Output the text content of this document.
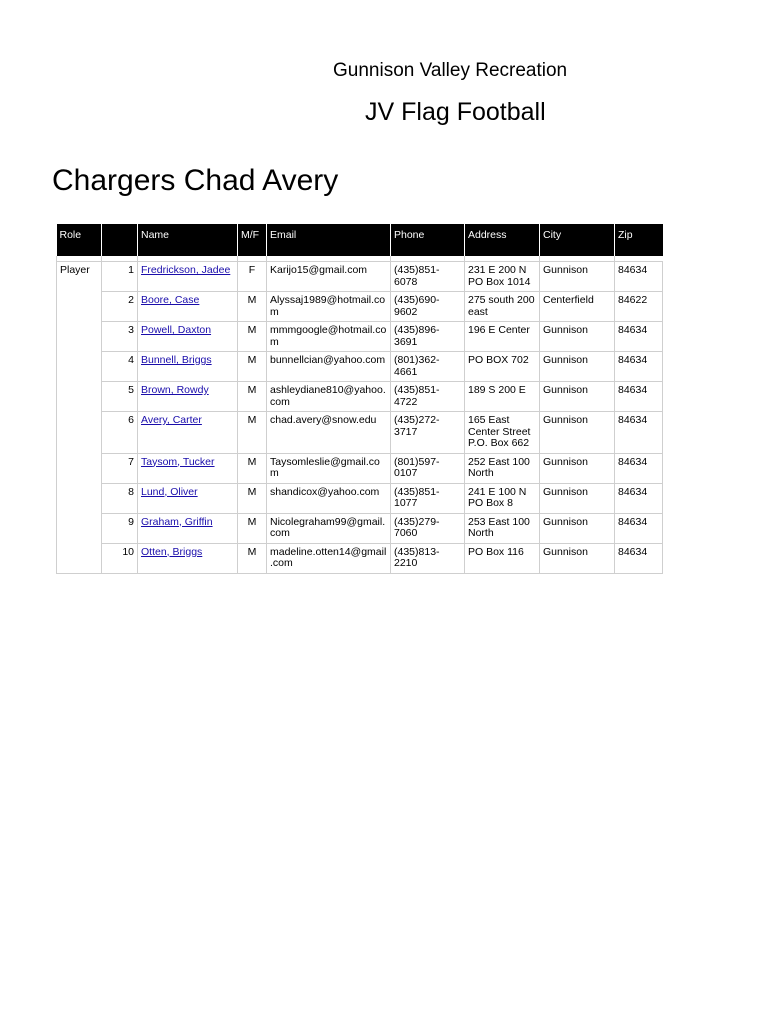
Gunnison Valley Recreation
JV Flag Football
Chargers Chad Avery
Role		Name	M/F	Email	Phone	Address	City	Zip

Player	1	Fredrickson, Jadee	F	Karijo15@gmail.com	(435)851-6078	231 E 200 N PO Box 1014	Gunnison	84634
	2	Boore, Case	M	Alyssaj1989@hotmail.com	(435)690-9602	275 south 200 east	Centerfield	84622
	3	Powell, Daxton	M	mmmgoogle@hotmail.com	(435)896-3691	196 E Center	Gunnison	84634
	4	Bunnell, Briggs	M	bunnellcian@yahoo.com	(801)362-4661	PO BOX 702	Gunnison	84634
	5	Brown, Rowdy	M	ashleydiane810@yahoo.com	(435)851-4722	189 S 200 E	Gunnison	84634
	6	Avery, Carter	M	chad.avery@snow.edu	(435)272-3717	165 East Center Street P.O. Box 662	Gunnison	84634
	7	Taysom, Tucker	M	Taysomleslie@gmail.com	(801)597-0107	252 East 100 North	Gunnison	84634
	8	Lund, Oliver	M	shandicox@yahoo.com	(435)851-1077	241 E 100 N PO Box 8	Gunnison	84634
	9	Graham, Griffin	M	Nicolegraham99@gmail.com	(435)279-7060	253 East 100 North	Gunnison	84634
	10	Otten, Briggs	M	madeline.otten14@gmail.com	(435)813-2210	PO Box 116	Gunnison	84634
